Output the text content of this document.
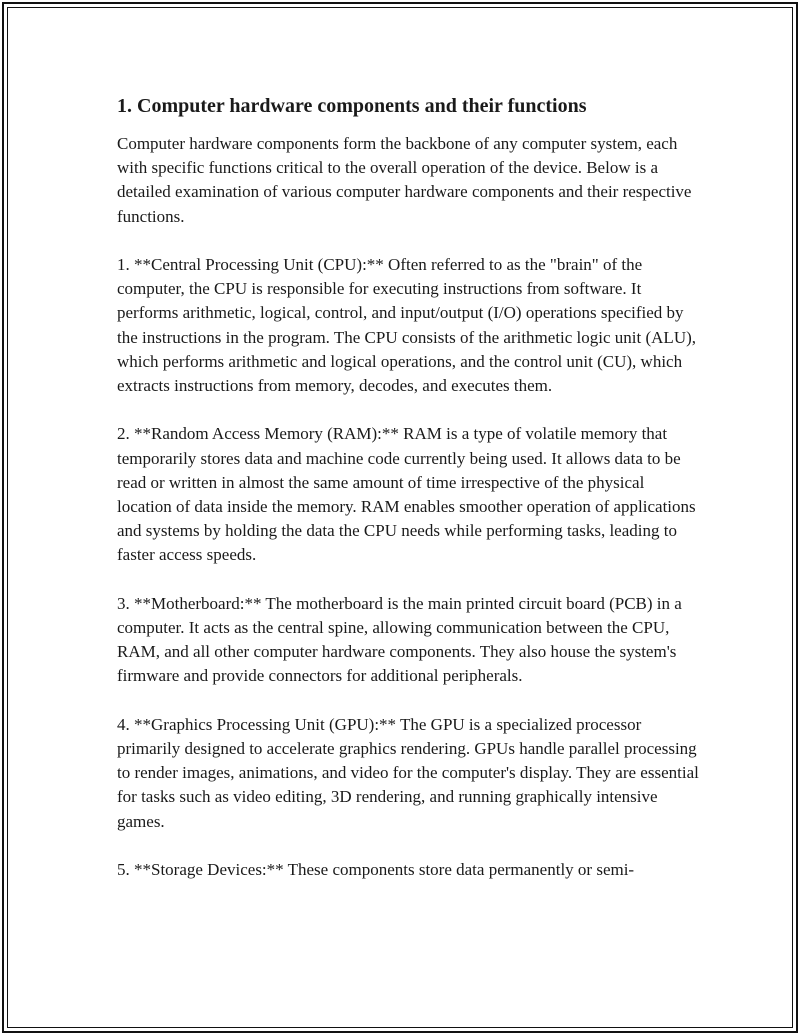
1. Computer hardware components and their functions

Computer hardware components form the backbone of any computer system, each with specific functions critical to the overall operation of the device. Below is a detailed examination of various computer hardware components and their respective functions.

1. **Central Processing Unit (CPU):** Often referred to as the "brain" of the computer, the CPU is responsible for executing instructions from software. It performs arithmetic, logical, control, and input/output (I/O) operations specified by the instructions in the program. The CPU consists of the arithmetic logic unit (ALU), which performs arithmetic and logical operations, and the control unit (CU), which extracts instructions from memory, decodes, and executes them.

2. **Random Access Memory (RAM):** RAM is a type of volatile memory that temporarily stores data and machine code currently being used. It allows data to be read or written in almost the same amount of time irrespective of the physical location of data inside the memory. RAM enables smoother operation of applications and systems by holding the data the CPU needs while performing tasks, leading to faster access speeds.

3. **Motherboard:** The motherboard is the main printed circuit board (PCB) in a computer. It acts as the central spine, allowing communication between the CPU, RAM, and all other computer hardware components. They also house the system's firmware and provide connectors for additional peripherals.

4. **Graphics Processing Unit (GPU):** The GPU is a specialized processor primarily designed to accelerate graphics rendering. GPUs handle parallel processing to render images, animations, and video for the computer's display. They are essential for tasks such as video editing, 3D rendering, and running graphically intensive games.

5. **Storage Devices:** These components store data permanently or semi-
